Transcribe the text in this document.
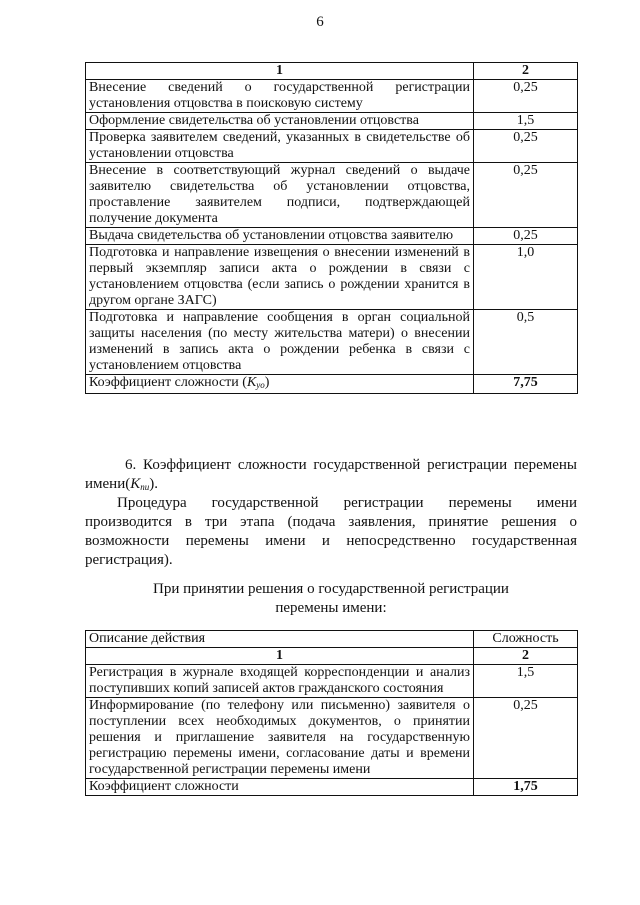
6
1	2
Внесение сведений о государственной регистрации установления отцовства в поисковую систему	0,25
Оформление свидетельства об установлении отцовства	1,5
Проверка заявителем сведений, указанных в свидетельстве об установлении отцовства	0,25
Внесение в соответствующий журнал сведений о выдаче заявителю свидетельства об установлении отцовства, проставление заявителем подписи, подтверждающей получение документа	0,25
Выдача свидетельства об установлении отцовства заявителю	0,25
Подготовка и направление извещения о внесении изменений в первый экземпляр записи акта о рождении в связи с установлением отцовства (если запись о рождении хранится в другом органе ЗАГС)	1,0
Подготовка и направление сообщения в орган социальной защиты населения (по месту жительства матери) о внесении изменений в запись акта о рождении ребенка в связи с установлением отцовства	0,5
Коэффициент сложности $(K_{уо})$	7,75
6. Коэффициент сложности государственной регистрации перемены $имени(K_{пи})$.
Процедура государственной регистрации перемены имени производится в три этапа (подача заявления, принятие решения о возможности перемены имени и непосредственно государственная регистрация).
При принятии решения о государственной регистрации
перемены имени:
Описание действия	Сложность
1	2
Регистрация в журнале входящей корреспонденции и анализ поступивших копий записей актов гражданского состояния	1,5
Информирование (по телефону или письменно) заявителя о поступлении всех необходимых документов, о принятии решения и приглашение заявителя на государственную регистрацию перемены имени, согласование даты и времени государственной регистрации перемены имени	0,25
Коэффициент сложности	1,75
